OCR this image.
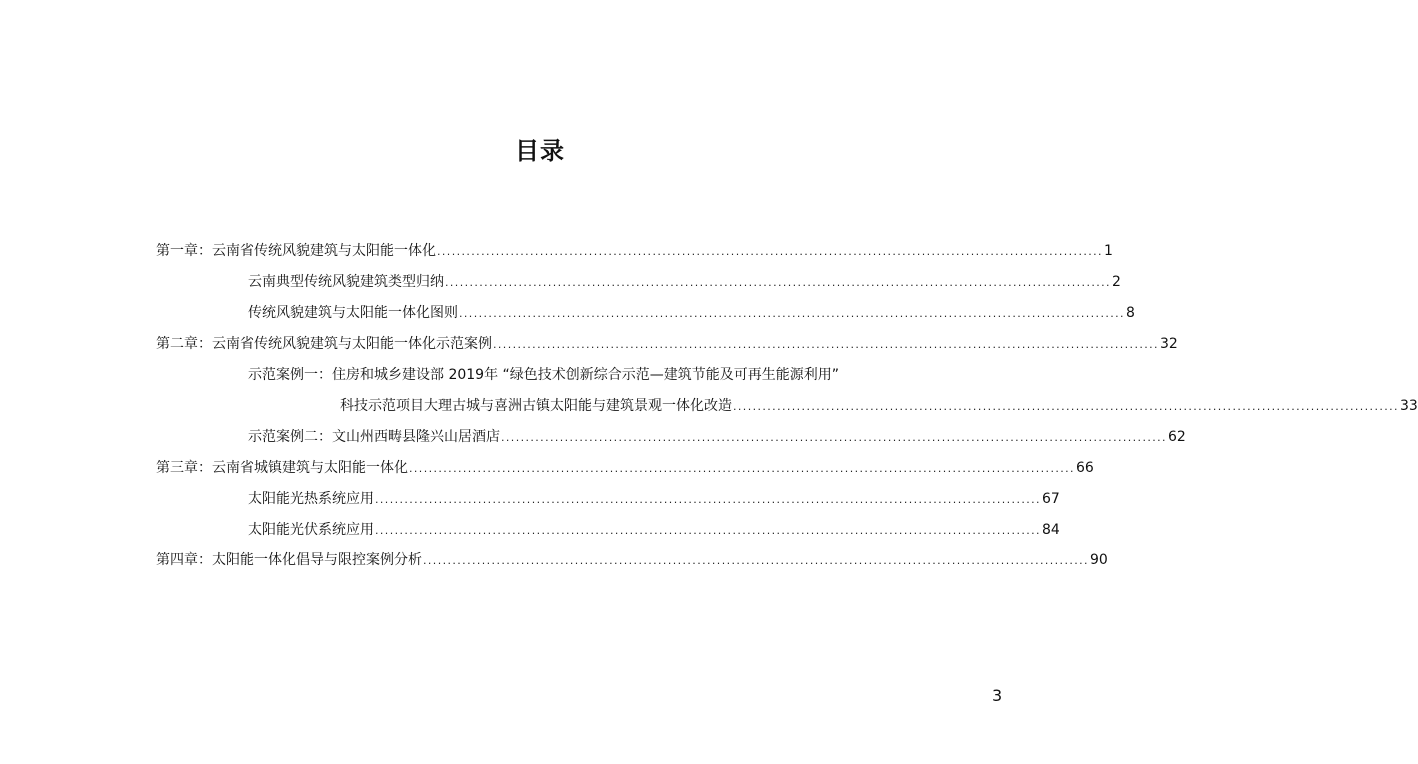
目录
第一章：云南省传统风貌建筑与太阳能一体化 ........................................................................................................................................ 1
云南典型传统风貌建筑类型归纳 ........................................................................................................................................ 2
传统风貌建筑与太阳能一体化图则 ........................................................................................................................................ 8
第二章：云南省传统风貌建筑与太阳能一体化示范案例 ........................................................................................................................................ 32
示范案例一：住房和城乡建设部 2019年 “绿色技术创新综合示范—建筑节能及可再生能源利用”
科技示范项目大理古城与喜洲古镇太阳能与建筑景观一体化改造 ........................................................................................................................................ 33
示范案例二：文山州西畴县隆兴山居酒店 ........................................................................................................................................ 62
第三章：云南省城镇建筑与太阳能一体化 ........................................................................................................................................ 66
太阳能光热系统应用 ........................................................................................................................................ 67
太阳能光伏系统应用 ........................................................................................................................................ 84
第四章：太阳能一体化倡导与限控案例分析 ........................................................................................................................................ 90
3
